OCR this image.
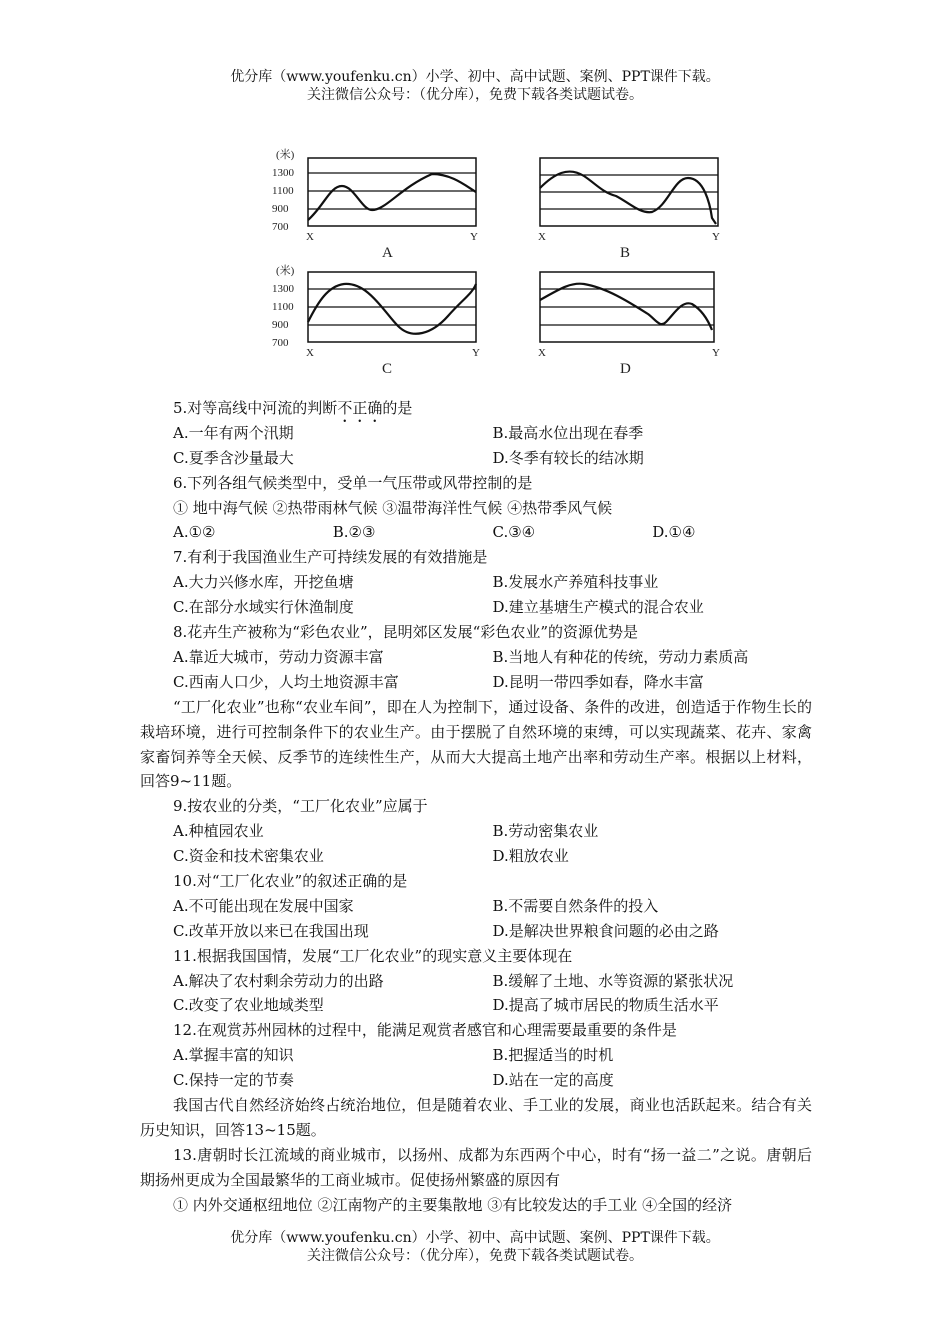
优分库（www.youfenku.cn）小学、初中、高中试题、案例、PPT课件下载。
关注微信公众号：（优分库），免费下载各类试题试卷。
(米)
1300
1100
900
700
X	Y
A
X	Y
B
(米)
1300
1100
900
700
X	Y
C
X	Y
D
5.对等高线中河流的判断不正确的是
A.一年有两个汛期	B.最高水位出现在春季
C.夏季含沙量最大	D.冬季有较长的结冰期
6.下列各组气候类型中，受单一气压带或风带控制的是
① 地中海气候 ②热带雨林气候 ③温带海洋性气候 ④热带季风气候
A.①②	B.②③	C.③④	D.①④
7.有利于我国渔业生产可持续发展的有效措施是
A.大力兴修水库，开挖鱼塘	B.发展水产养殖科技事业
C.在部分水域实行休渔制度	D.建立基塘生产模式的混合农业
8.花卉生产被称为“彩色农业”，昆明郊区发展“彩色农业”的资源优势是
A.靠近大城市，劳动力资源丰富	B.当地人有种花的传统，劳动力素质高
C.西南人口少，人均土地资源丰富	D.昆明一带四季如春，降水丰富
“工厂化农业”也称“农业车间”，即在人为控制下，通过设备、条件的改进，创造适于作物生长的栽培环境，进行可控制条件下的农业生产。由于摆脱了自然环境的束缚，可以实现蔬菜、花卉、家禽家畜饲养等全天候、反季节的连续性生产，从而大大提高土地产出率和劳动生产率。根据以上材料，回答9~11题。
9.按农业的分类，“工厂化农业”应属于
A.种植园农业	B.劳动密集农业
C.资金和技术密集农业	D.粗放农业
10.对“工厂化农业”的叙述正确的是
A.不可能出现在发展中国家	B.不需要自然条件的投入
C.改革开放以来已在我国出现	D.是解决世界粮食问题的必由之路
11.根据我国国情，发展“工厂化农业”的现实意义主要体现在
A.解决了农村剩余劳动力的出路	B.缓解了土地、水等资源的紧张状况
C.改变了农业地域类型	D.提高了城市居民的物质生活水平
12.在观赏苏州园林的过程中，能满足观赏者感官和心理需要最重要的条件是
A.掌握丰富的知识	B.把握适当的时机
C.保持一定的节奏	D.站在一定的高度
我国古代自然经济始终占统治地位，但是随着农业、手工业的发展，商业也活跃起来。结合有关历史知识，回答13~15题。
13.唐朝时长江流域的商业城市，以扬州、成都为东西两个中心，时有“扬一益二”之说。唐朝后期扬州更成为全国最繁华的工商业城市。促使扬州繁盛的原因有
① 内外交通枢纽地位 ②江南物产的主要集散地 ③有比较发达的手工业 ④全国的经济
优分库（www.youfenku.cn）小学、初中、高中试题、案例、PPT课件下载。
关注微信公众号：（优分库），免费下载各类试题试卷。
